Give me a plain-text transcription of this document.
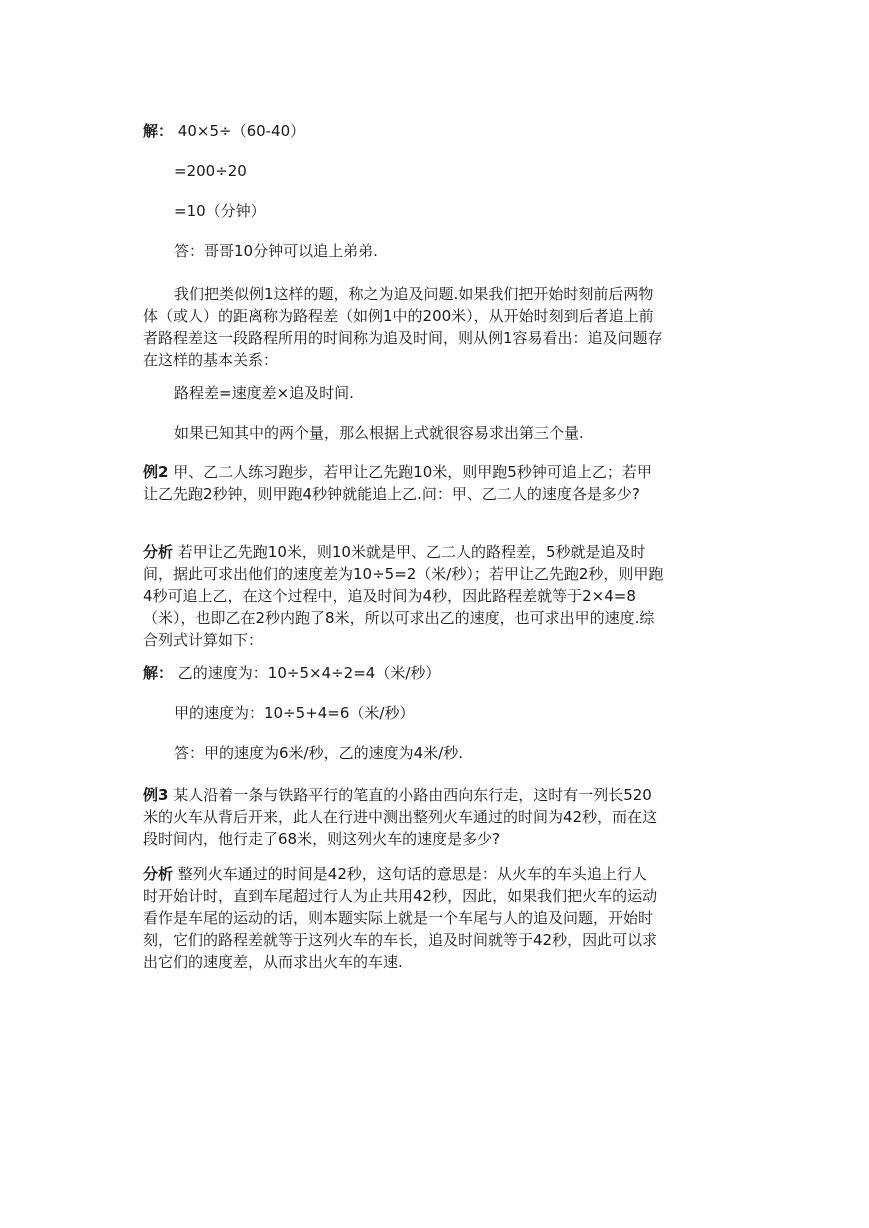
解： 40×5÷（60-40）
=200÷20
=10（分钟）
答：哥哥10分钟可以追上弟弟.
我们把类似例1这样的题，称之为追及问题.如果我们把开始时刻前后两物
体（或人）的距离称为路程差（如例1中的200米），从开始时刻到后者追上前
者路程差这一段路程所用的时间称为追及时间，则从例1容易看出：追及问题存
在这样的基本关系：
路程差=速度差×追及时间.
如果已知其中的两个量，那么根据上式就很容易求出第三个量.
例2 甲、乙二人练习跑步，若甲让乙先跑10米，则甲跑5秒钟可追上乙；若甲
让乙先跑2秒钟，则甲跑4秒钟就能追上乙.问：甲、乙二人的速度各是多少?
分析 若甲让乙先跑10米，则10米就是甲、乙二人的路程差，5秒就是追及时
间，据此可求出他们的速度差为10÷5=2（米/秒）；若甲让乙先跑2秒，则甲跑
4秒可追上乙，在这个过程中，追及时间为4秒，因此路程差就等于2×4=8
（米），也即乙在2秒内跑了8米，所以可求出乙的速度，也可求出甲的速度.综
合列式计算如下：
解： 乙的速度为：10÷5×4÷2=4（米/秒）
甲的速度为：10÷5+4=6（米/秒）
答：甲的速度为6米/秒，乙的速度为4米/秒.
例3 某人沿着一条与铁路平行的笔直的小路由西向东行走，这时有一列长520
米的火车从背后开来，此人在行进中测出整列火车通过的时间为42秒，而在这
段时间内，他行走了68米，则这列火车的速度是多少?
分析 整列火车通过的时间是42秒，这句话的意思是：从火车的车头追上行人
时开始计时，直到车尾超过行人为止共用42秒，因此，如果我们把火车的运动
看作是车尾的运动的话，则本题实际上就是一个车尾与人的追及问题，开始时
刻，它们的路程差就等于这列火车的车长，追及时间就等于42秒，因此可以求
出它们的速度差，从而求出火车的车速.
